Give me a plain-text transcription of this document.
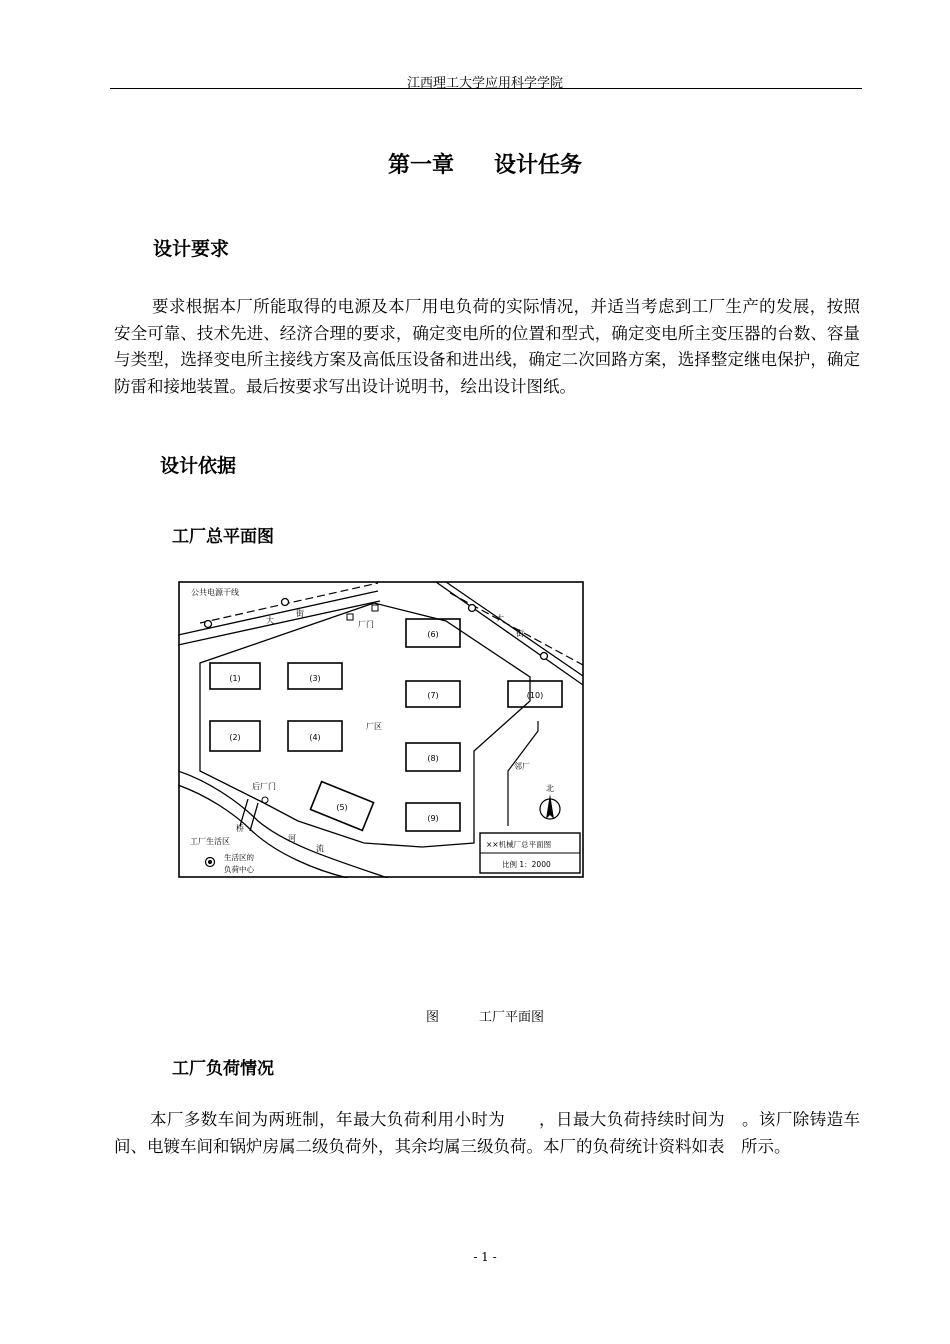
江西理工大学应用科学学院
第一章 设计任务
设计要求
要求根据本厂所能取得的电源及本厂用电负荷的实际情况，并适当考虑到工厂生产的发展，按照安全可靠、技术先进、经济合理的要求，确定变电所的位置和型式，确定变电所主变压器的台数、容量与类型，选择变电所主接线方案及高低压设备和进出线，确定二次回路方案，选择整定继电保护，确定防雷和接地装置。最后按要求写出设计说明书，绘出设计图纸。
设计依据
工厂总平面图
(1)
(2)
(3)
(4)
(5)
(6)
(7)
(8)
(9)
(10)
公共电源干线
大
街
大
街
厂门
厂区
邻厂
后厂门
桥
河
流
工厂生活区
生活区的
负荷中心
北
××机械厂总平面图
比例 1：2000
图	工厂平面图
工厂负荷情况
本厂多数车间为两班制，年最大负荷利用小时为　　，日最大负荷持续时间为　。该厂除铸造车间、电镀车间和锅炉房属二级负荷外，其余均属三级负荷。本厂的负荷统计资料如表　所示。
- 1 -
